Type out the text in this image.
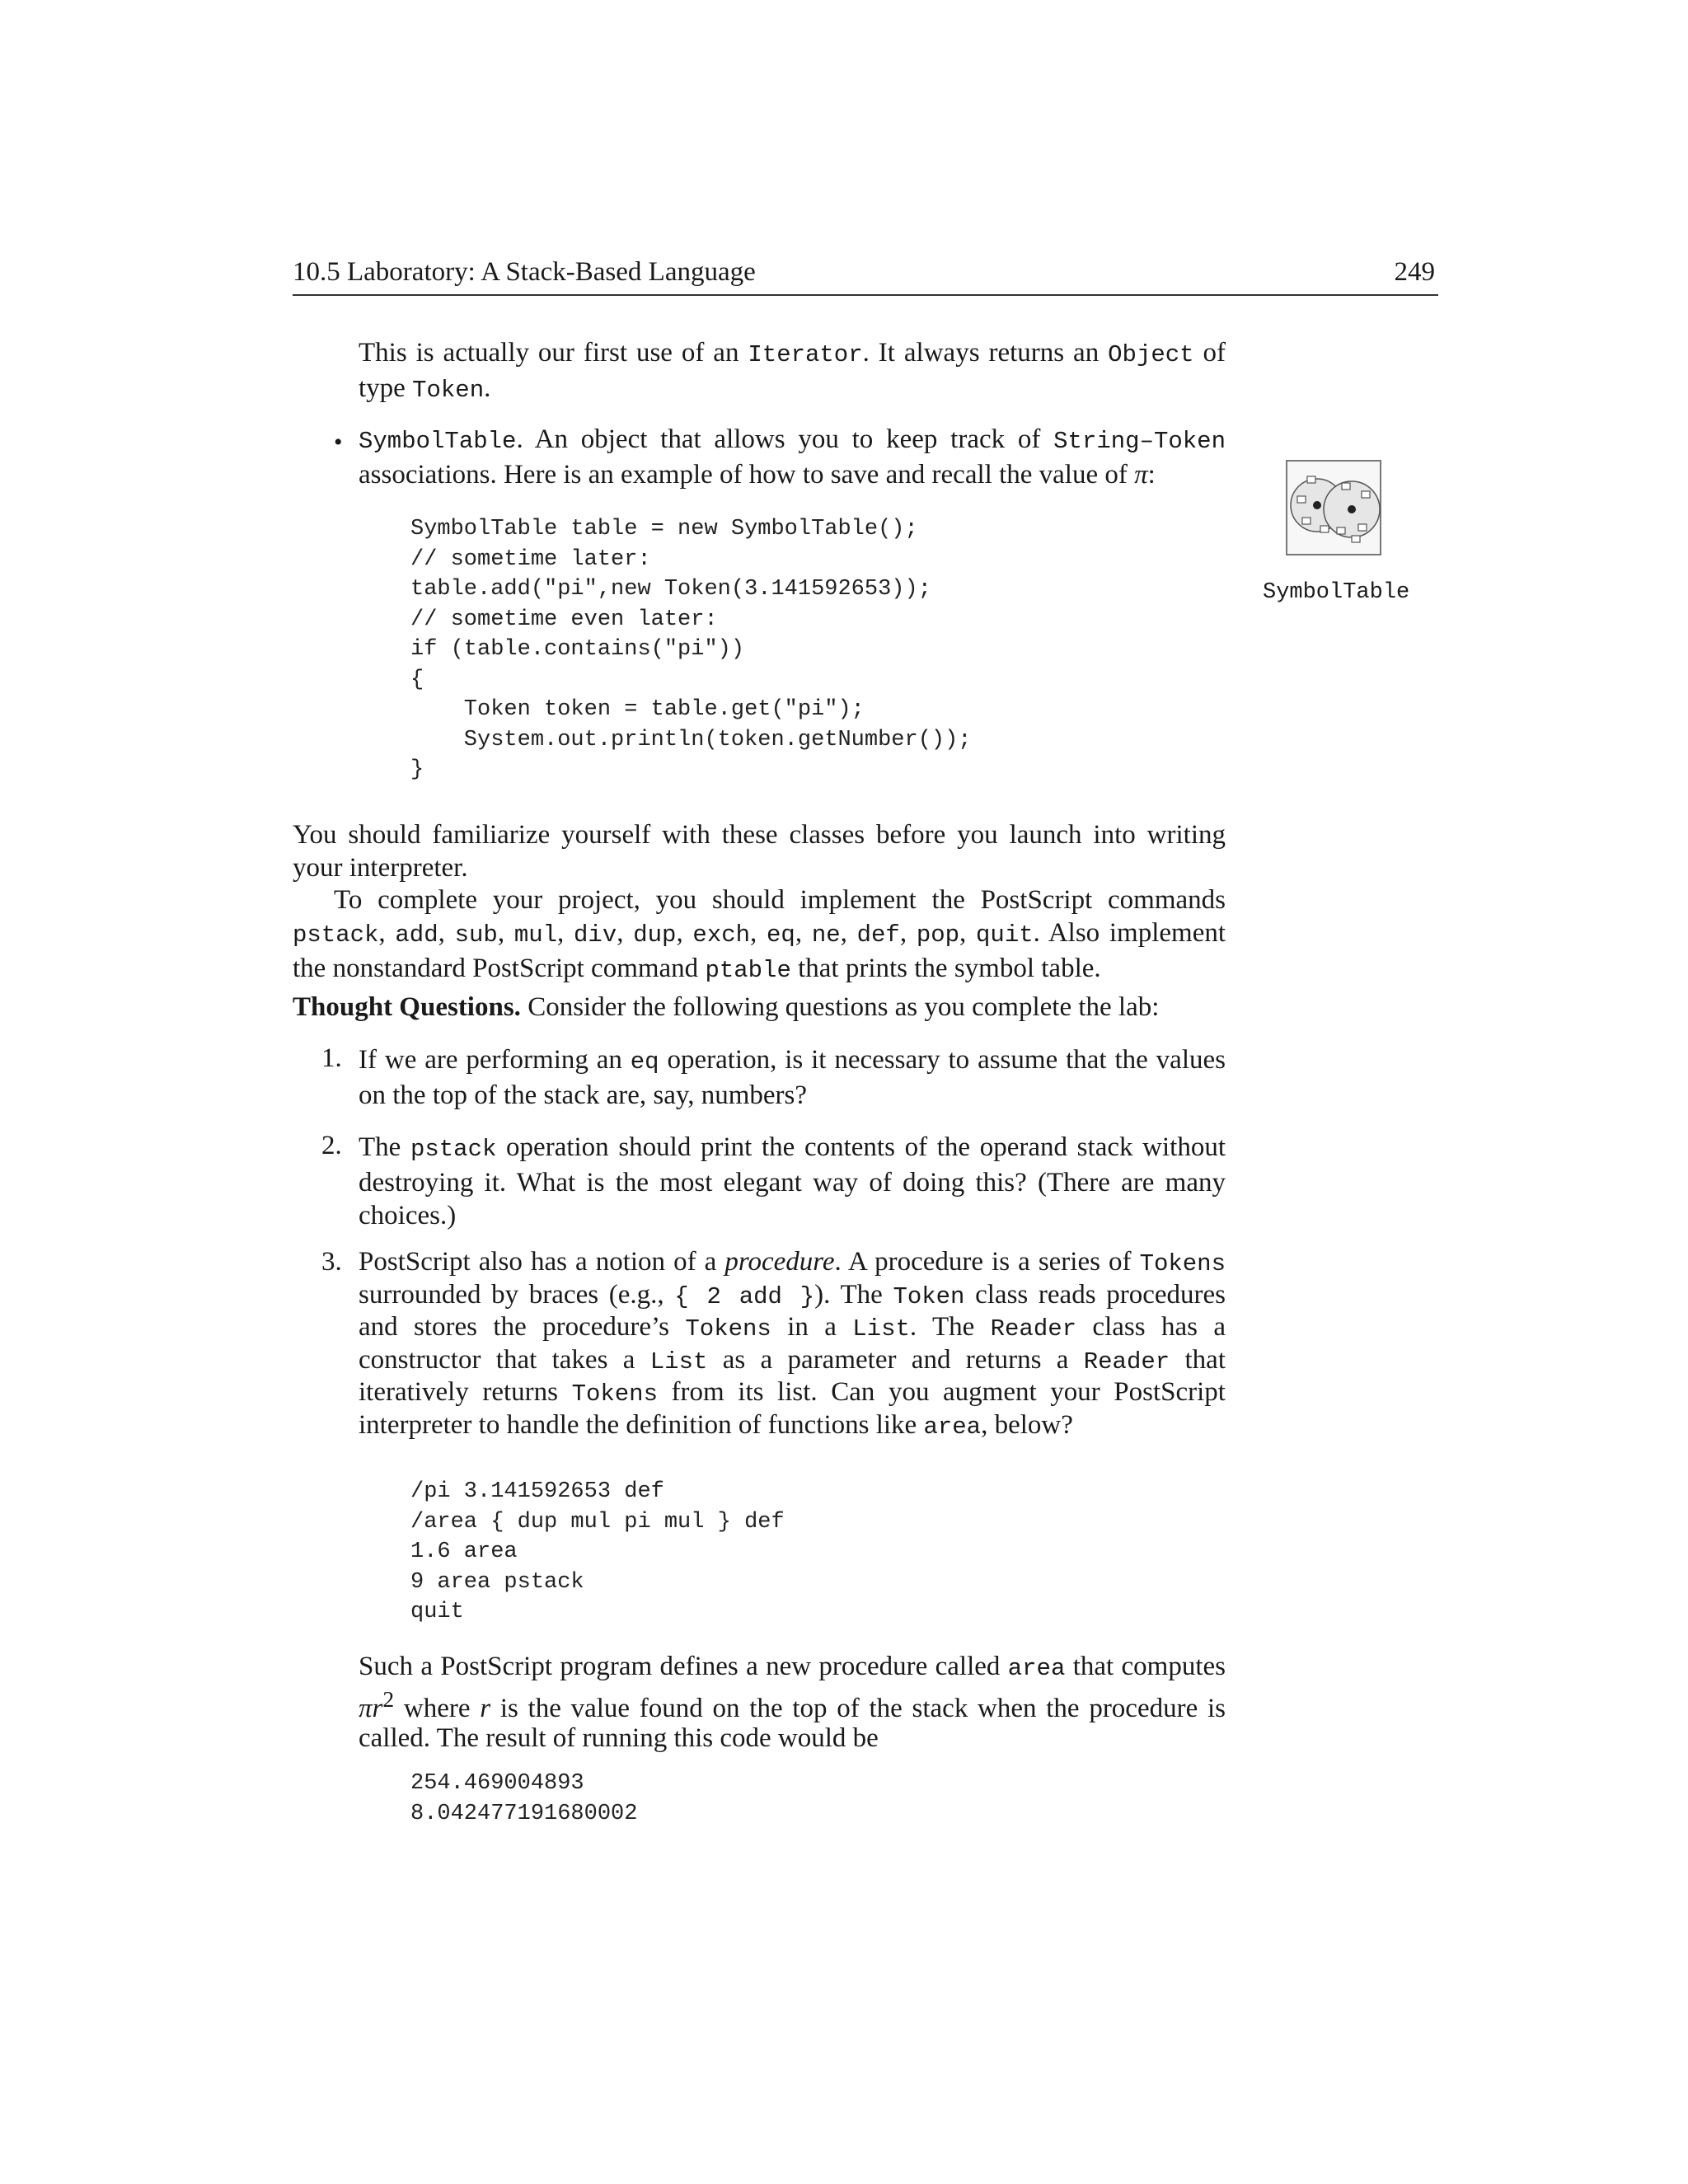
10.5 Laboratory: A Stack-Based Language	249

This is actually our first use of an Iterator. It always returns an Object of type Token.

• SymbolTable. An object that allows you to keep track of String–Token associations. Here is an example of how to save and recall the value of π:

SymbolTable table = new SymbolTable();
// sometime later:
table.add("pi",new Token(3.141592653));
// sometime even later:
if (table.contains("pi"))
{
Token token = table.get("pi");
System.out.println(token.getNumber());
}
SymbolTable

You should familiarize yourself with these classes before you launch into writing your interpreter.

To complete your project, you should implement the PostScript commands pstack, add, sub, mul, div, dup, exch, eq, ne, def, pop, quit. Also implement the nonstandard PostScript command ptable that prints the symbol table.

Thought Questions. Consider the following questions as you complete the lab:

1. If we are performing an eq operation, is it necessary to assume that the values on the top of the stack are, say, numbers?

2. The pstack operation should print the contents of the operand stack without destroying it. What is the most elegant way of doing this? (There are many choices.)

3. PostScript also has a notion of a procedure. A procedure is a series of Tokens surrounded by braces (e.g., { 2 add }). The Token class reads procedures and stores the procedure’s Tokens in a List. The Reader class has a constructor that takes a List as a parameter and returns a Reader that iteratively returns Tokens from its list. Can you augment your PostScript interpreter to handle the definition of functions like area, below?

/pi 3.141592653 def
/area { dup mul pi mul } def
1.6 area
9 area pstack
quit

Such a PostScript program defines a new procedure called area that computes $\pi r^2$ where r is the value found on the top of the stack when the procedure is called. The result of running this code would be

254.469004893
8.042477191680002
